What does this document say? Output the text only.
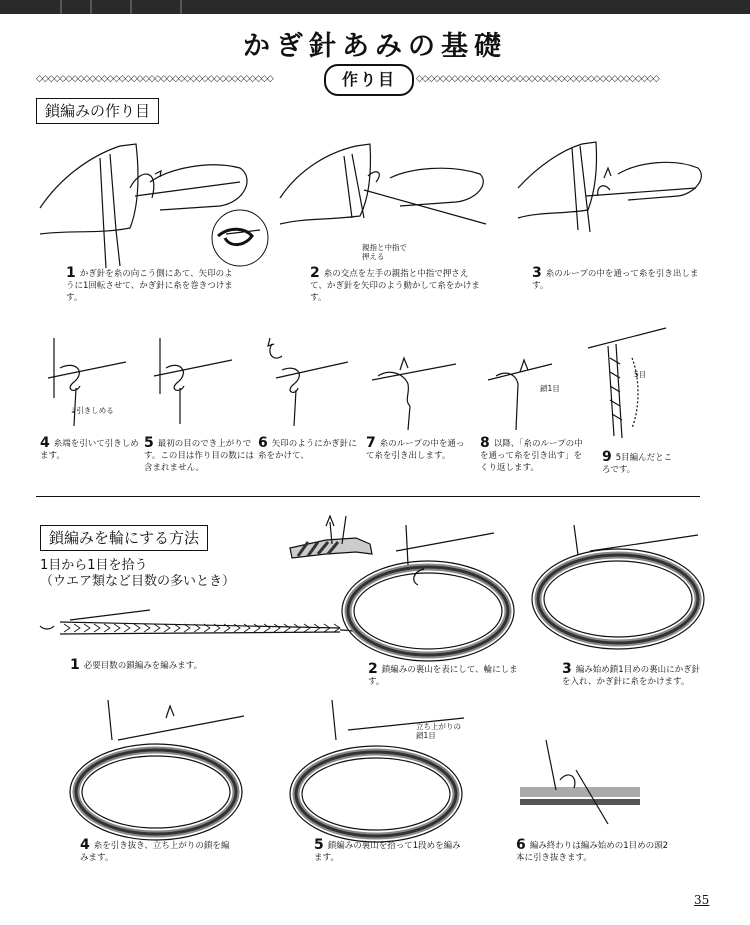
かぎ針あみの基礎
◇◇◇◇◇◇◇◇◇◇◇◇◇◇◇◇◇◇◇◇◇◇◇◇◇◇◇◇◇◇◇◇◇◇◇◇◇◇◇◇	作り目	◇◇◇◇◇◇◇◇◇◇◇◇◇◇◇◇◇◇◇◇◇◇◇◇◇◇◇◇◇◇◇◇◇◇◇◇◇◇◇◇◇
鎖編みの作り目
親指と中指で押える
1 かぎ針を糸の向こう側にあて、矢印のように1回転させて、かぎ針に糸を巻きつけます。
2 糸の交点を左手の親指と中指で押さえて、かぎ針を矢印のよう動かして糸をかけます。
3 糸のループの中を通って糸を引き出します。
⇣引きしめる
鎖1目
5目
4 糸端を引いて引きしめます。
5 最初の目のでき上がりです。この目は作り目の数には含まれません。
6 矢印のようにかぎ針に糸をかけて、
7 糸のループの中を通って糸を引き出します。
8 以降、「糸のループの中を通って糸を引き出す」をくり返します。
9 5目編んだところです。
鎖編みを輪にする方法
1目から1目を拾う
（ウエア類など目数の多いとき）
1 必要目数の鎖編みを編みます。	2 鎖編みの裏山を表にして、輪にします。
3 編み始め鎖1目めの裏山にかぎ針を入れ、かぎ針に糸をかけます。
立ち上がりの鎖1目
4 糸を引き抜き、立ち上がりの鎖を編みます。
5 鎖編みの裏山を拾って1段めを編みます。
6 編み終わりは編み始めの1目めの頭2本に引き抜きます。
35
